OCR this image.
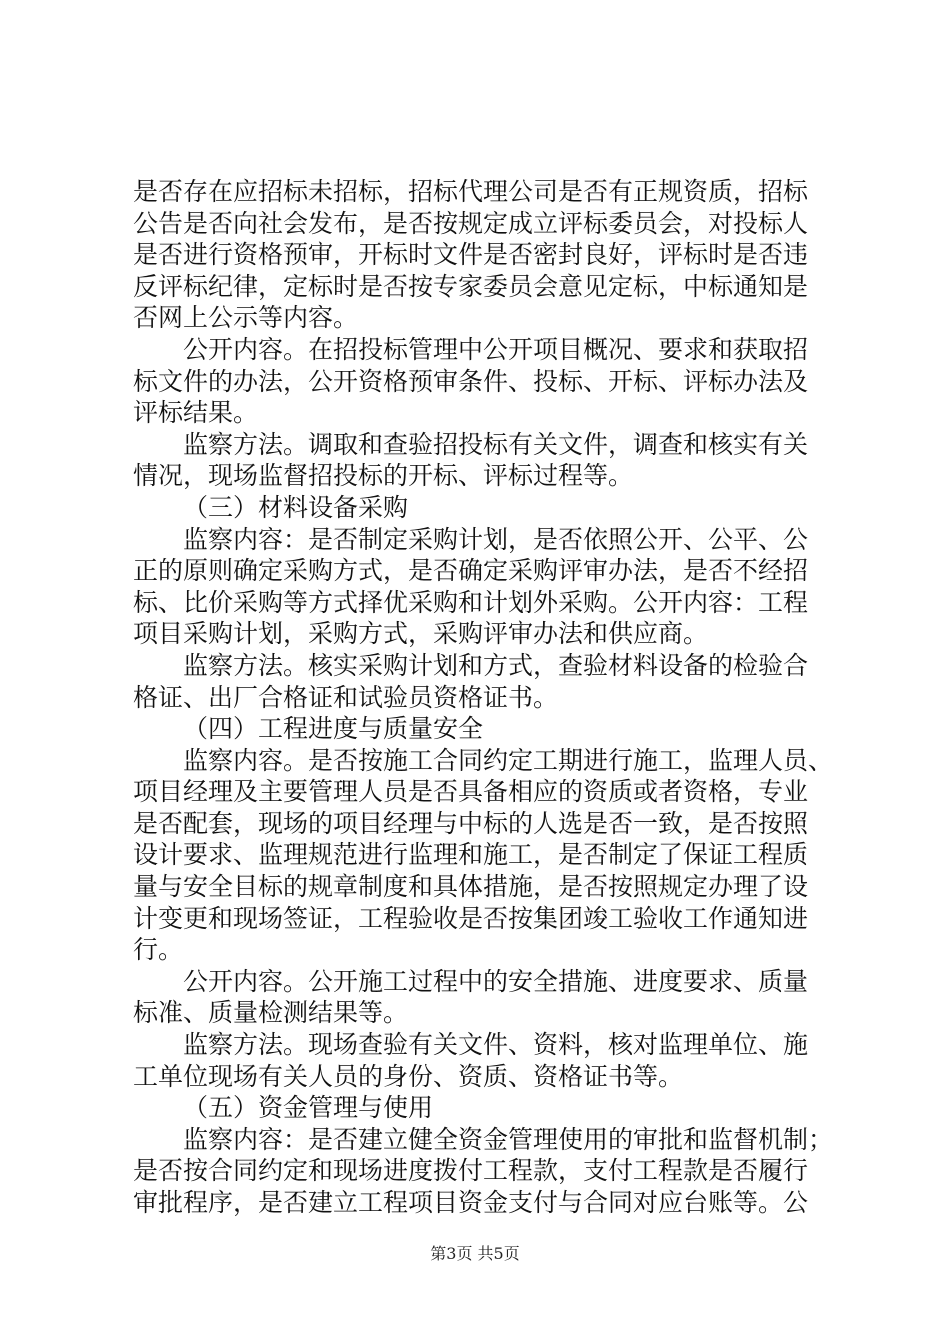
是否存在应招标未招标，招标代理公司是否有正规资质，招标
公告是否向社会发布，是否按规定成立评标委员会，对投标人
是否进行资格预审，开标时文件是否密封良好，评标时是否违
反评标纪律，定标时是否按专家委员会意见定标，中标通知是
否网上公示等内容。
公开内容。在招投标管理中公开项目概况、要求和获取招
标文件的办法，公开资格预审条件、投标、开标、评标办法及
评标结果。
监察方法。调取和查验招投标有关文件，调查和核实有关
情况，现场监督招投标的开标、评标过程等。
（三）材料设备采购
监察内容：是否制定采购计划，是否依照公开、公平、公
正的原则确定采购方式，是否确定采购评审办法，是否不经招
标、比价采购等方式择优采购和计划外采购。公开内容：工程
项目采购计划，采购方式，采购评审办法和供应商。
监察方法。核实采购计划和方式，查验材料设备的检验合
格证、出厂合格证和试验员资格证书。
（四）工程进度与质量安全
监察内容。是否按施工合同约定工期进行施工，监理人员、
项目经理及主要管理人员是否具备相应的资质或者资格，专业
是否配套，现场的项目经理与中标的人选是否一致，是否按照
设计要求、监理规范进行监理和施工，是否制定了保证工程质
量与安全目标的规章制度和具体措施，是否按照规定办理了设
计变更和现场签证，工程验收是否按集团竣工验收工作通知进
行。
公开内容。公开施工过程中的安全措施、进度要求、质量
标准、质量检测结果等。
监察方法。现场查验有关文件、资料，核对监理单位、施
工单位现场有关人员的身份、资质、资格证书等。
（五）资金管理与使用
监察内容：是否建立健全资金管理使用的审批和监督机制；
是否按合同约定和现场进度拨付工程款，支付工程款是否履行
审批程序，是否建立工程项目资金支付与合同对应台账等。公
第3页 共5页
